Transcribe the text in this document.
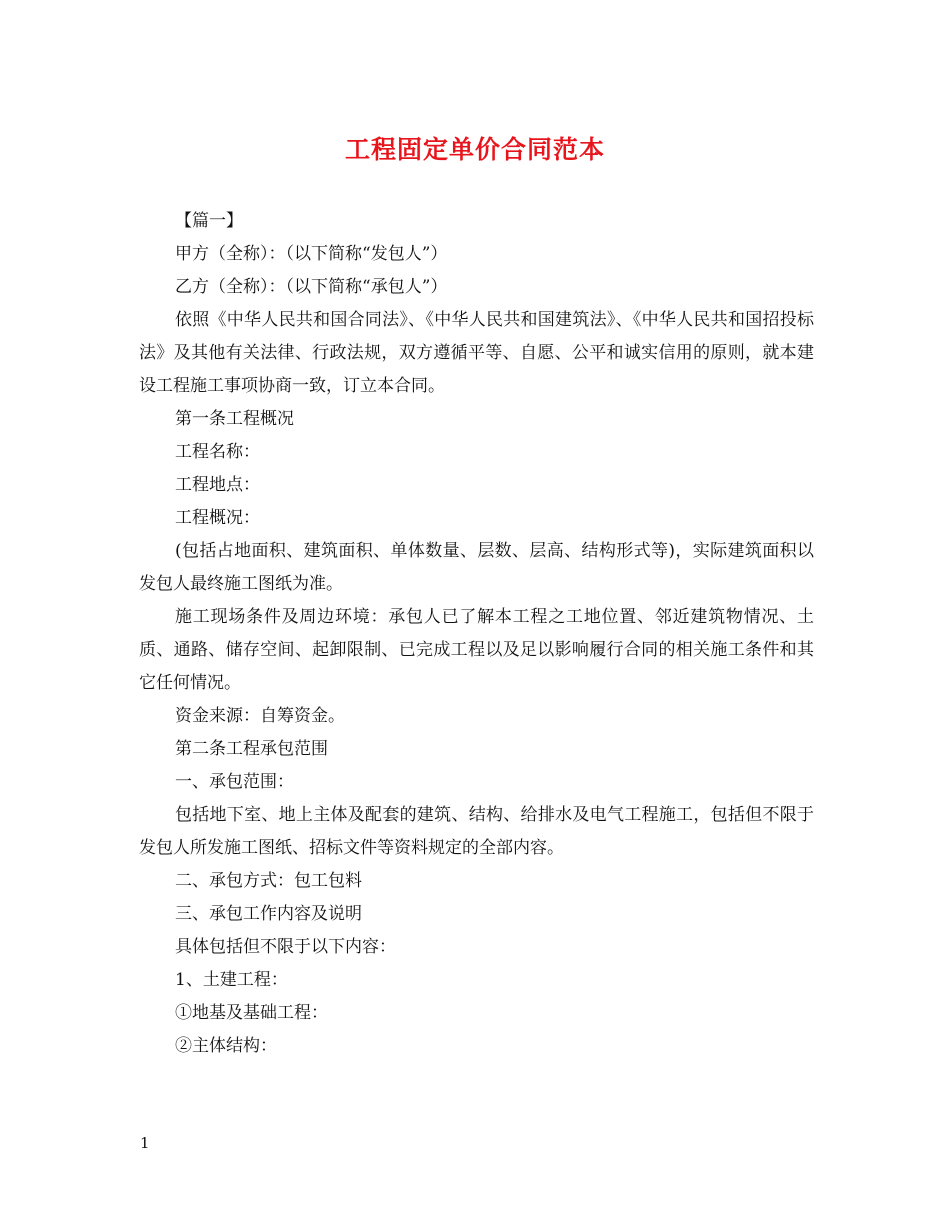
工程固定单价合同范本

【篇一】

甲方（全称）：（以下简称“发包人”）

乙方（全称）：（以下简称“承包人”）

依照《中华人民共和国合同法》、《中华人民共和国建筑法》、《中华人民共和国招投标法》及其他有关法律、行政法规，双方遵循平等、自愿、公平和诚实信用的原则，就本建设工程施工事项协商一致，订立本合同。

第一条工程概况

工程名称：

工程地点：

工程概况：

(包括占地面积、建筑面积、单体数量、层数、层高、结构形式等)，实际建筑面积以发包人最终施工图纸为准。

施工现场条件及周边环境：承包人已了解本工程之工地位置、邻近建筑物情况、土质、通路、储存空间、起卸限制、已完成工程以及足以影响履行合同的相关施工条件和其它任何情况。

资金来源：自筹资金。

第二条工程承包范围

一、承包范围：

包括地下室、地上主体及配套的建筑、结构、给排水及电气工程施工，包括但不限于发包人所发施工图纸、招标文件等资料规定的全部内容。

二、承包方式：包工包料

三、承包工作内容及说明

具体包括但不限于以下内容：

1、土建工程：

①地基及基础工程：

②主体结构：

1
